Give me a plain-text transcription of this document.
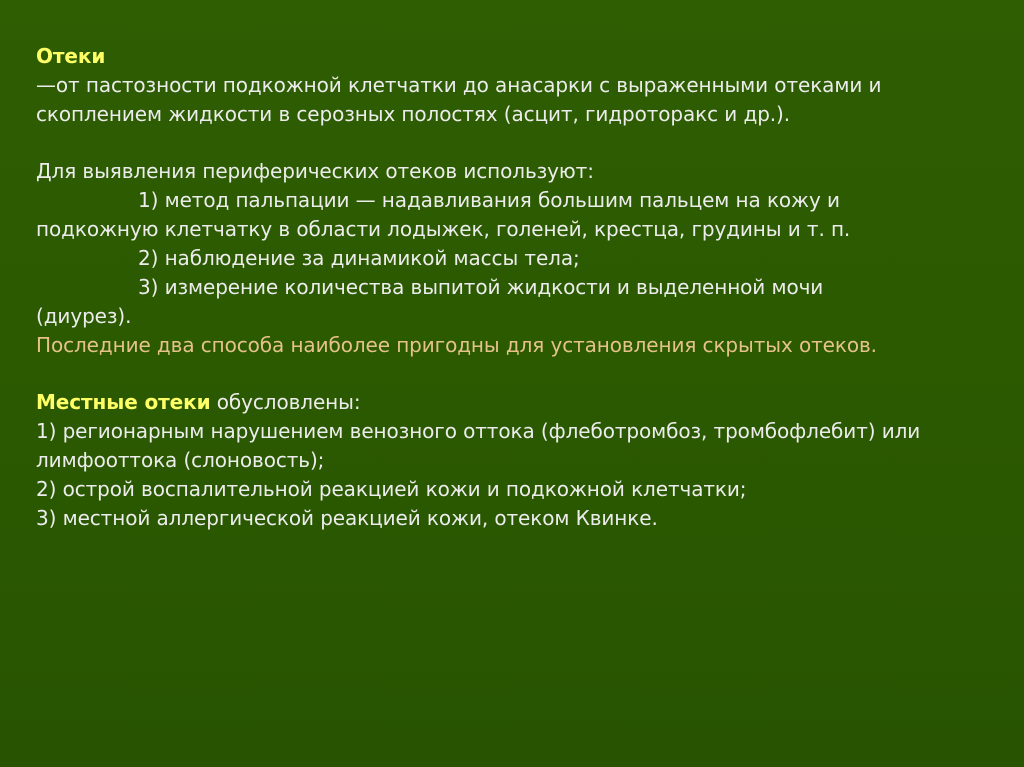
Отеки

—от пастозности подкожной клетчатки до анасарки с выраженными отеками и скоплением жидкости в серозных полостях (асцит, гидроторакс и др.).

Для выявления периферических отеков используют:

1) метод пальпации — надавливания большим пальцем на кожу и

подкожную клетчатку в области лодыжек, голеней, крестца, грудины и т. п.

2) наблюдение за динамикой массы тела;

3) измерение количества выпитой жидкости и выделенной мочи

(диурез).

Последние два способа наиболее пригодны для установления скрытых отеков.

Местные отеки обусловлены:

1) регионарным нарушением венозного оттока (флеботромбоз, тромбофлебит) или лимфооттока (слоновость);

2) острой воспалительной реакцией кожи и подкожной клетчатки;

3) местной аллергической реакцией кожи, отеком Квинке.
